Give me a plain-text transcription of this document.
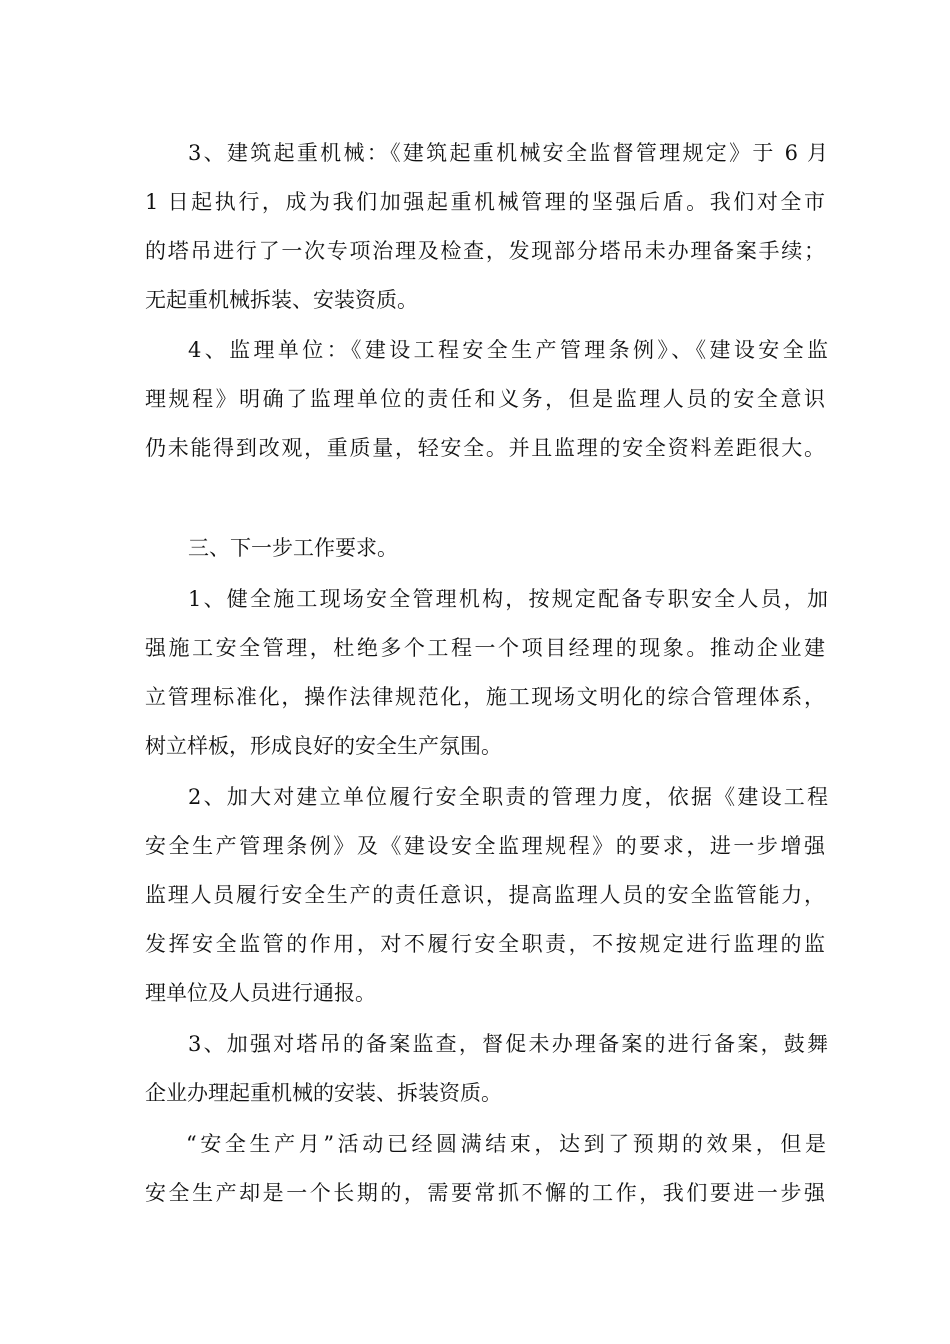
3、建筑起重机械：《建筑起重机械安全监督管理规定》于 6 月
1 日起执行，成为我们加强起重机械管理的坚强后盾。我们对全市
的塔吊进行了一次专项治理及检查，发现部分塔吊未办理备案手续；
无起重机械拆装、安装资质。
4、监理单位：《建设工程安全生产管理条例》、《建设安全监
理规程》明确了监理单位的责任和义务，但是监理人员的安全意识
仍未能得到改观，重质量，轻安全。并且监理的安全资料差距很大。
三、下一步工作要求。
1、健全施工现场安全管理机构，按规定配备专职安全人员，加
强施工安全管理，杜绝多个工程一个项目经理的现象。推动企业建
立管理标准化，操作法律规范化，施工现场文明化的综合管理体系，
树立样板，形成良好的安全生产氛围。
2、加大对建立单位履行安全职责的管理力度，依据《建设工程
安全生产管理条例》及《建设安全监理规程》的要求，进一步增强
监理人员履行安全生产的责任意识，提高监理人员的安全监管能力，
发挥安全监管的作用，对不履行安全职责，不按规定进行监理的监
理单位及人员进行通报。
3、加强对塔吊的备案监查，督促未办理备案的进行备案，鼓舞
企业办理起重机械的安装、拆装资质。
“安全生产月”活动已经圆满结束，达到了预期的效果，但是
安全生产却是一个长期的，需要常抓不懈的工作，我们要进一步强
